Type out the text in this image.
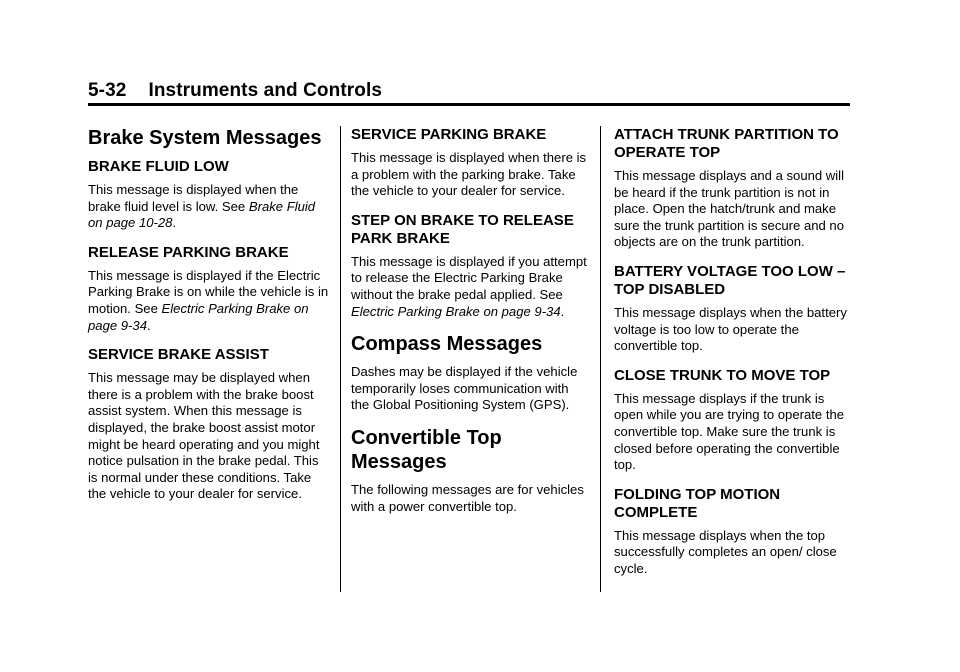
5-32 Instruments and Controls
Brake System Messages
BRAKE FLUID LOW

This message is displayed when the brake fluid level is low. See Brake Fluid on page 10-28.

RELEASE PARKING BRAKE

This message is displayed if the Electric Parking Brake is on while the vehicle is in motion. See Electric Parking Brake on page 9-34.

SERVICE BRAKE ASSIST

This message may be displayed when there is a problem with the brake boost assist system. When this message is displayed, the brake boost assist motor might be heard operating and you might notice pulsation in the brake pedal. This is normal under these conditions. Take the vehicle to your dealer for service.

SERVICE PARKING BRAKE

This message is displayed when there is a problem with the parking brake. Take the vehicle to your dealer for service.

STEP ON BRAKE TO RELEASE PARK BRAKE

This message is displayed if you attempt to release the Electric Parking Brake without the brake pedal applied. See Electric Parking Brake on page 9-34.

Compass Messages

Dashes may be displayed if the vehicle temporarily loses communication with the Global Positioning System (GPS).

Convertible Top Messages

The following messages are for vehicles with a power convertible top.

ATTACH TRUNK PARTITION TO OPERATE TOP

This message displays and a sound will be heard if the trunk partition is not in place. Open the hatch/trunk and make sure the trunk partition is secure and no objects are on the trunk partition.

BATTERY VOLTAGE TOO LOW – TOP DISABLED

This message displays when the battery voltage is too low to operate the convertible top.

CLOSE TRUNK TO MOVE TOP

This message displays if the trunk is open while you are trying to operate the convertible top. Make sure the trunk is closed before operating the convertible top.

FOLDING TOP MOTION COMPLETE

This message displays when the top successfully completes an open/ close cycle.
